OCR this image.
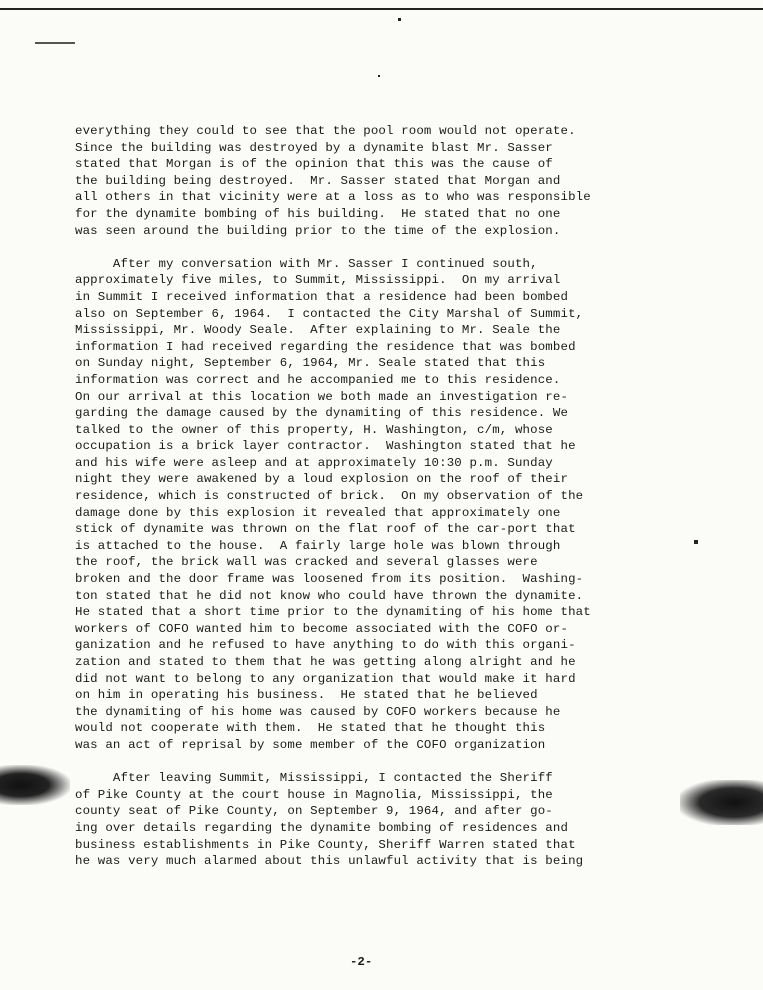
everything they could to see that the pool room would not operate.
Since the building was destroyed by a dynamite blast Mr. Sasser
stated that Morgan is of the opinion that this was the cause of
the building being destroyed.  Mr. Sasser stated that Morgan and
all others in that vicinity were at a loss as to who was responsible
for the dynamite bombing of his building.  He stated that no one
was seen around the building prior to the time of the explosion.
After my conversation with Mr. Sasser I continued south,
approximately five miles, to Summit, Mississippi.  On my arrival
in Summit I received information that a residence had been bombed
also on September 6, 1964.  I contacted the City Marshal of Summit,
Mississippi, Mr. Woody Seale.  After explaining to Mr. Seale the
information I had received regarding the residence that was bombed
on Sunday night, September 6, 1964, Mr. Seale stated that this
information was correct and he accompanied me to this residence.
On our arrival at this location we both made an investigation re-
garding the damage caused by the dynamiting of this residence. We
talked to the owner of this property, H. Washington, c/m, whose
occupation is a brick layer contractor.  Washington stated that he
and his wife were asleep and at approximately 10:30 p.m. Sunday
night they were awakened by a loud explosion on the roof of their
residence, which is constructed of brick.  On my observation of the
damage done by this explosion it revealed that approximately one
stick of dynamite was thrown on the flat roof of the car-port that
is attached to the house.  A fairly large hole was blown through
the roof, the brick wall was cracked and several glasses were
broken and the door frame was loosened from its position.  Washing-
ton stated that he did not know who could have thrown the dynamite.
He stated that a short time prior to the dynamiting of his home that
workers of COFO wanted him to become associated with the COFO or-
ganization and he refused to have anything to do with this organi-
zation and stated to them that he was getting along alright and he
did not want to belong to any organization that would make it hard
on him in operating his business.  He stated that he believed
the dynamiting of his home was caused by COFO workers because he
would not cooperate with them.  He stated that he thought this
was an act of reprisal by some member of the COFO organization
After leaving Summit, Mississippi, I contacted the Sheriff
of Pike County at the court house in Magnolia, Mississippi, the
county seat of Pike County, on September 9, 1964, and after go-
ing over details regarding the dynamite bombing of residences and
business establishments in Pike County, Sheriff Warren stated that
he was very much alarmed about this unlawful activity that is being
-2-
